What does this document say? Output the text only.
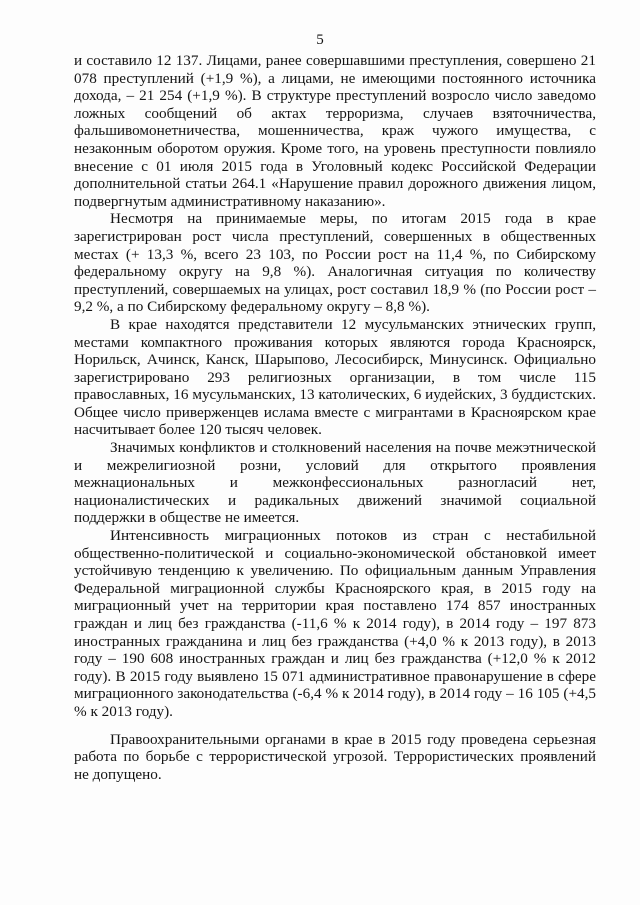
5

и составило 12 137. Лицами, ранее совершавшими преступления, совершено 21 078 преступлений (+1,9 %), а лицами, не имеющими постоянного источника дохода, – 21 254 (+1,9 %). В структуре преступлений возросло число заведомо ложных сообщений об актах терроризма, случаев взяточничества, фальшивомонетничества, мошенничества, краж чужого имущества, с незаконным оборотом оружия. Кроме того, на уровень преступности повлияло внесение с 01 июля 2015 года в Уголовный кодекс Российской Федерации дополнительной статьи 264.1 «Нарушение правил дорожного движения лицом, подвергнутым административному наказанию».

Несмотря на принимаемые меры, по итогам 2015 года в крае зарегистрирован рост числа преступлений, совершенных в общественных местах (+ 13,3 %, всего 23 103, по России рост на 11,4 %, по Сибирскому федеральному округу на 9,8 %). Аналогичная ситуация по количеству преступлений, совершаемых на улицах, рост составил 18,9 % (по России рост – 9,2 %, а по Сибирскому федеральному округу – 8,8 %).

В крае находятся представители 12 мусульманских этнических групп, местами компактного проживания которых являются города Красноярск, Норильск, Ачинск, Канск, Шарыпово, Лесосибирск, Минусинск. Официально зарегистрировано 293 религиозных организации, в том числе 115 православных, 16 мусульманских, 13 католических, 6 иудейских, 3 буддистских. Общее число приверженцев ислама вместе с мигрантами в Красноярском крае насчитывает более 120 тысяч человек.

Значимых конфликтов и столкновений населения на почве межэтнической и межрелигиозной розни, условий для открытого проявления межнациональных и межконфессиональных разногласий нет, националистических и радикальных движений значимой социальной поддержки в обществе не имеется.

Интенсивность миграционных потоков из стран с нестабильной общественно-политической и социально-экономической обстановкой имеет устойчивую тенденцию к увеличению. По официальным данным Управления Федеральной миграционной службы Красноярского края, в 2015 году на миграционный учет на территории края поставлено 174 857 иностранных граждан и лиц без гражданства (-11,6 % к 2014 году), в 2014 году – 197 873 иностранных гражданина и лиц без гражданства (+4,0 % к 2013 году), в 2013 году – 190 608 иностранных граждан и лиц без гражданства (+12,0 % к 2012 году). В 2015 году выявлено 15 071 административное правонарушение в сфере миграционного законодательства (-6,4 % к 2014 году), в 2014 году – 16 105 (+4,5 % к 2013 году).

Правоохранительными органами в крае в 2015 году проведена серьезная работа по борьбе с террористической угрозой. Террористических проявлений не допущено.
